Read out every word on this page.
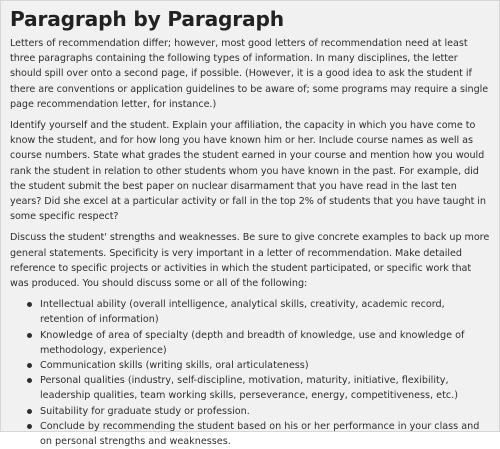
Paragraph by Paragraph

Letters of recommendation differ; however, most good letters of recommendation need at least three paragraphs containing the following types of information. In many disciplines, the letter should spill over onto a second page, if possible. (However, it is a good idea to ask the student if there are conventions or application guidelines to be aware of; some programs may require a single page recommendation letter, for instance.)

Identify yourself and the student. Explain your affiliation, the capacity in which you have come to know the student, and for how long you have known him or her. Include course names as well as course numbers. State what grades the student earned in your course and mention how you would rank the student in relation to other students whom you have known in the past. For example, did the student submit the best paper on nuclear disarmament that you have read in the last ten years? Did she excel at a particular activity or fall in the top 2% of students that you have taught in some specific respect?

Discuss the student' strengths and weaknesses. Be sure to give concrete examples to back up more general statements. Specificity is very important in a letter of recommendation. Make detailed reference to specific projects or activities in which the student participated, or specific work that was produced. You should discuss some or all of the following:

Intellectual ability (overall intelligence, analytical skills, creativity, academic record, retention of information)
Knowledge of area of specialty (depth and breadth of knowledge, use and knowledge of methodology, experience)
Communication skills (writing skills, oral articulateness)
Personal qualities (industry, self-discipline, motivation, maturity, initiative, flexibility, leadership qualities, team working skills, perseverance, energy, competitiveness, etc.)
Suitability for graduate study or profession.
Conclude by recommending the student based on his or her performance in your class and on personal strengths and weaknesses.
